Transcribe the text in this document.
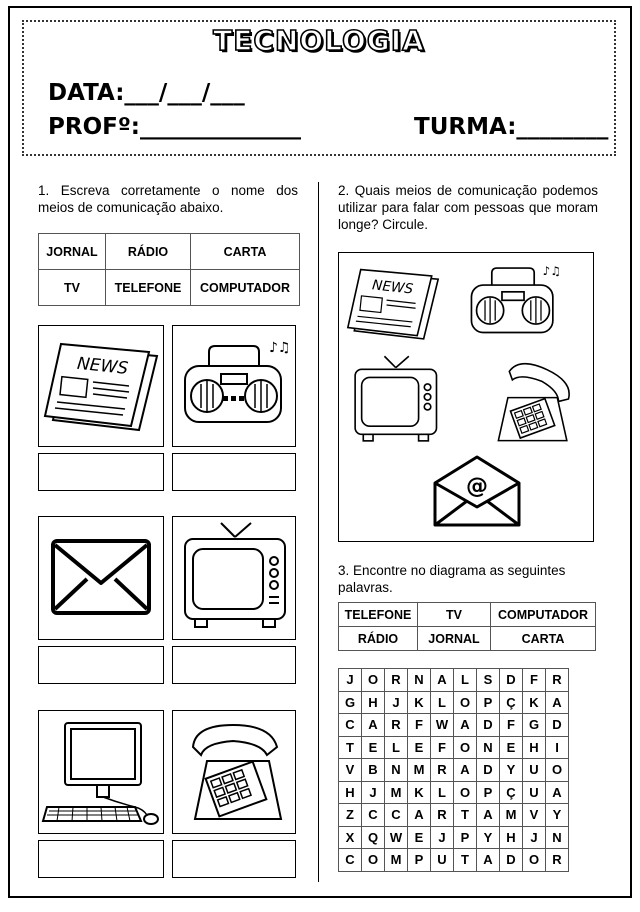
TECNOLOGIA
DATA:___/___/___
PROFº:______________	TURMA:________
1. Escreva corretamente o nome dos meios de comunicação abaixo.
JORNAL	RÁDIO	CARTA
TV	TELEFONE	COMPUTADOR
NEWS
♪♫
2. Quais meios de comunicação podemos utilizar para falar com pessoas que moram longe? Circule.
NEWS
♪♫
@
3. Encontre no diagrama as seguintes palavras.
TELEFONE	TV	COMPUTADOR
RÁDIO	JORNAL	CARTA
J	O	R	N	A	L	S	D	F	R
G	H	J	K	L	O	P	Ç	K	A
C	A	R	F	W	A	D	F	G	D
T	E	L	E	F	O	N	E	H	I
V	B	N	M	R	A	D	Y	U	O
H	J	M	K	L	O	P	Ç	U	A
Z	C	C	A	R	T	A	M	V	Y
X	Q	W	E	J	P	Y	H	J	N
C	O	M	P	U	T	A	D	O	R
